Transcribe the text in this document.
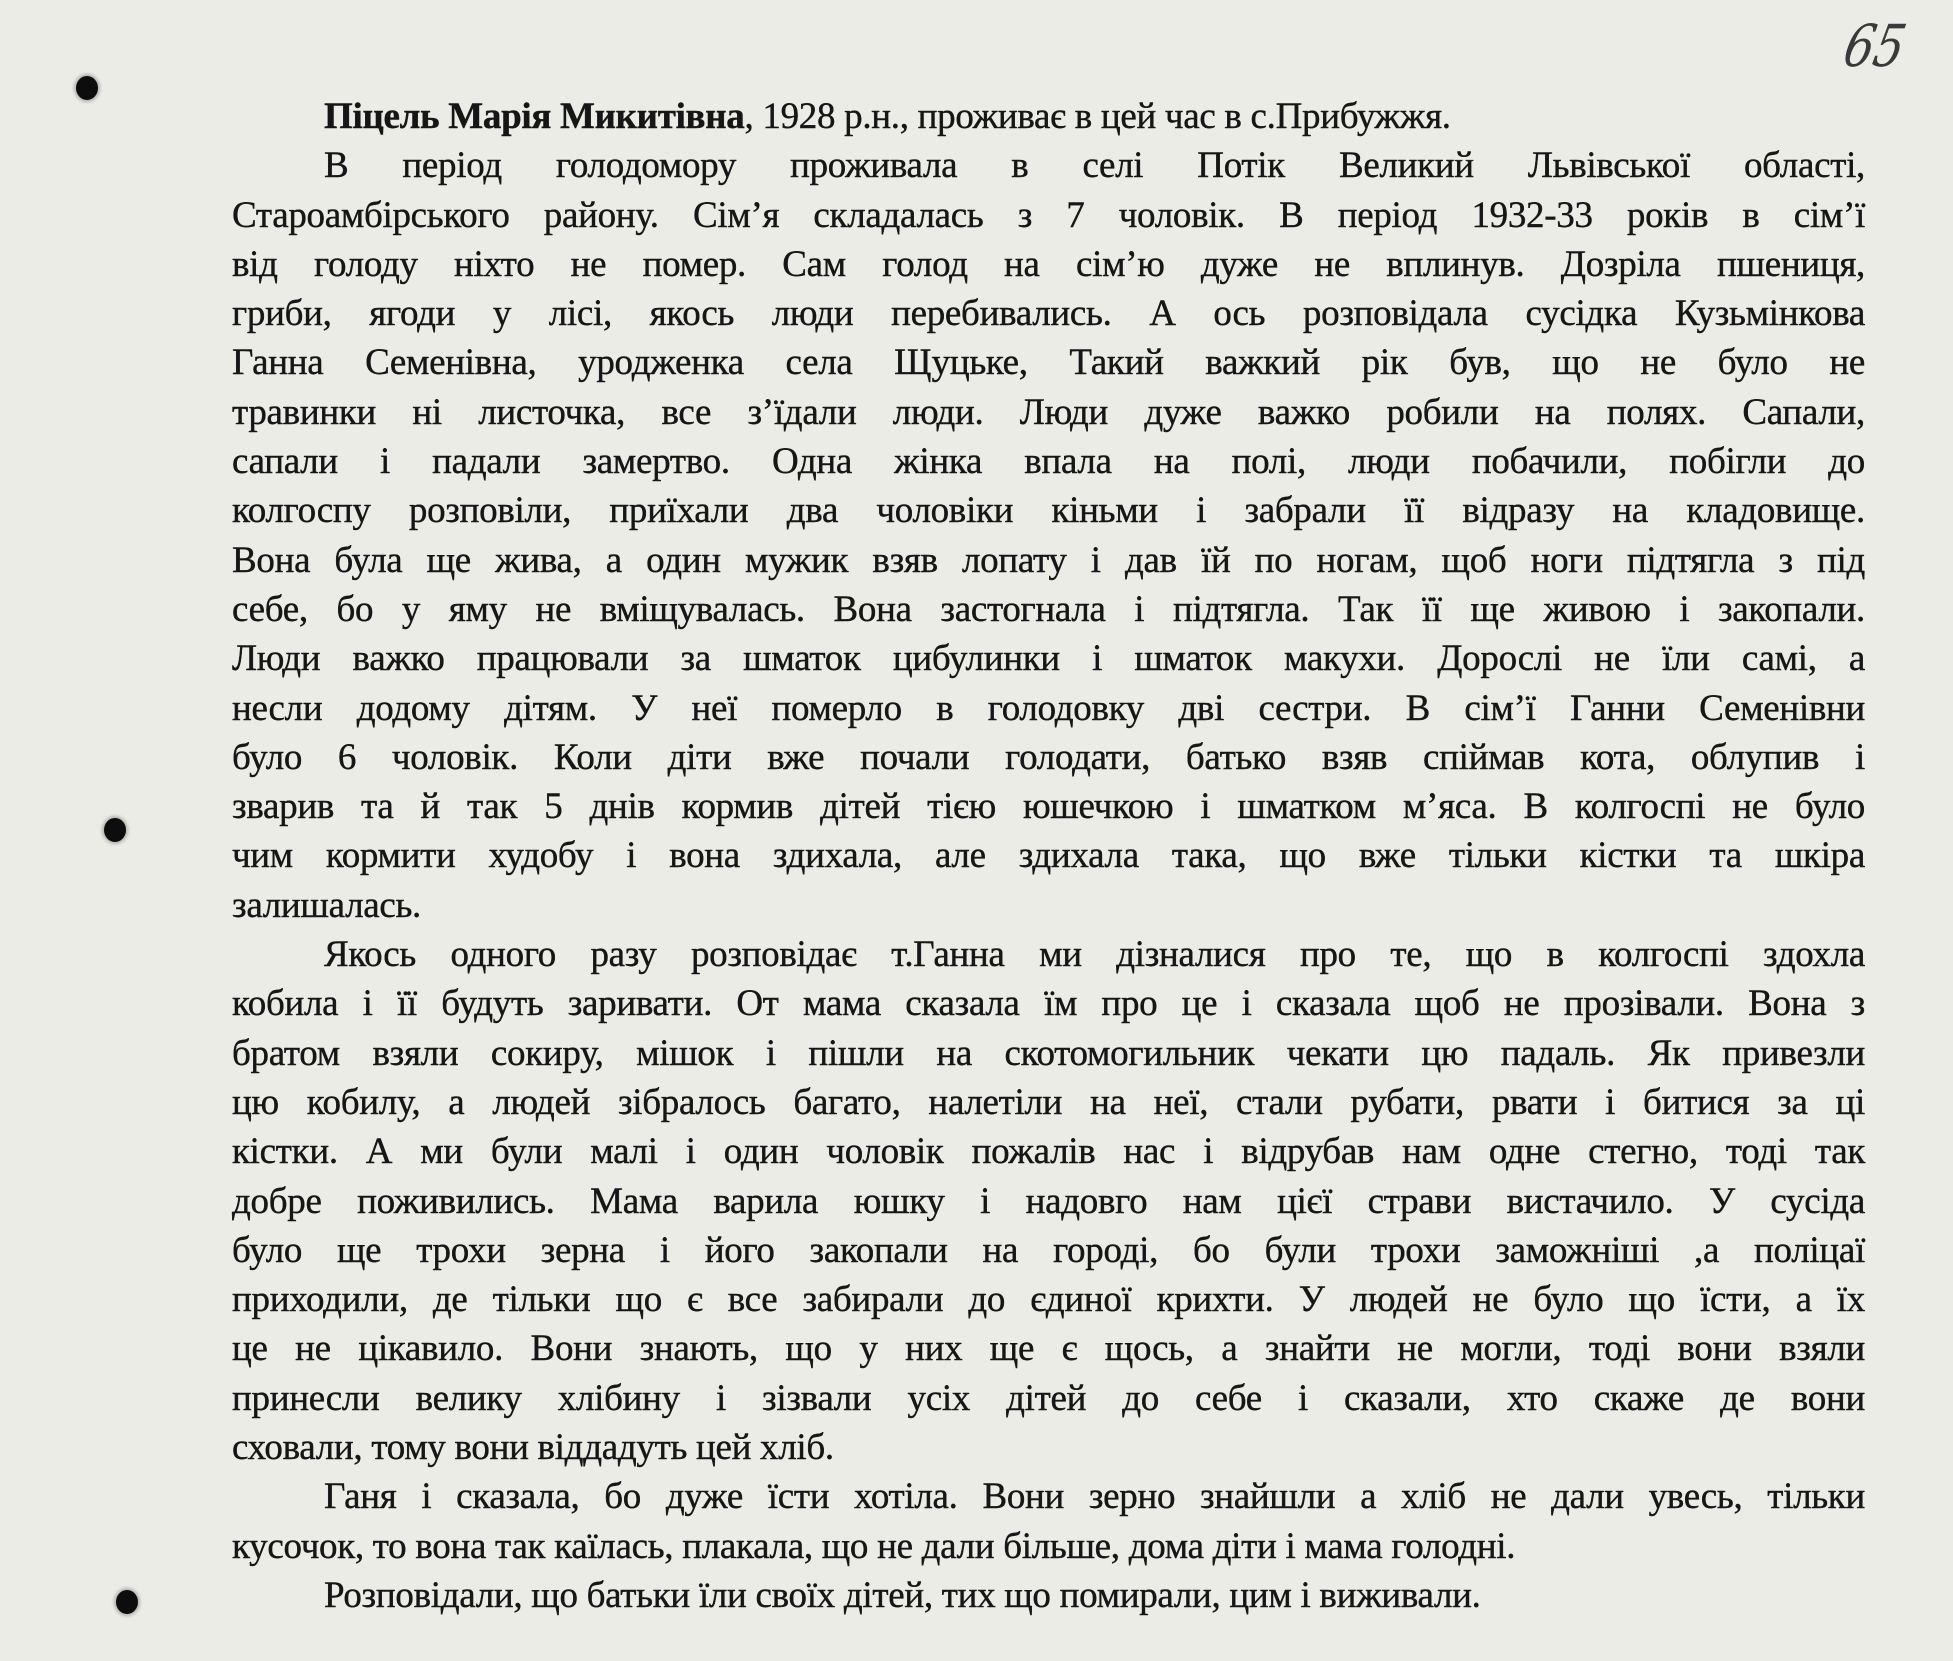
65
Піцель Марія Микитівна, 1928 р.н., проживає в цей час в с.Прибужжя.
В період голодомору проживала в селі Потік Великий Львівської області,
Староамбірського району. Сім’я складалась з 7 чоловік. В період 1932-33 років в сім’ї
від голоду ніхто не помер. Сам голод на сім’ю дуже не вплинув. Дозріла пшениця,
гриби, ягоди у лісі, якось люди перебивались. А ось розповідала сусідка Кузьмінкова
Ганна Семенівна, уродженка села Щуцьке, Такий важкий рік був, що не було не
травинки ні листочка, все з’їдали люди. Люди дуже важко робили на полях. Сапали,
сапали і падали замертво. Одна жінка впала на полі, люди побачили, побігли до
колгоспу розповіли, приїхали два чоловіки кіньми і забрали її відразу на кладовище.
Вона була ще жива, а один мужик взяв лопату і дав їй по ногам, щоб ноги підтягла з під
себе, бо у яму не вміщувалась. Вона застогнала і підтягла. Так її ще живою і закопали.
Люди важко працювали за шматок цибулинки і шматок макухи. Дорослі не їли самі, а
несли додому дітям. У неї померло в голодовку дві сестри. В сім’ї Ганни Семенівни
було 6 чоловік. Коли діти вже почали голодати, батько взяв спіймав кота, облупив і
зварив та й так 5 днів кормив дітей тією юшечкою і шматком м’яса. В колгоспі не було
чим кормити худобу і вона здихала, але здихала така, що вже тільки кістки та шкіра
залишалась.
Якось одного разу розповідає т.Ганна ми дізналися про те, що в колгоспі здохла
кобила і її будуть заривати. От мама сказала їм про це і сказала щоб не прозівали. Вона з
братом взяли сокиру, мішок і пішли на скотомогильник чекати цю падаль. Як привезли
цю кобилу, а людей зібралось багато, налетіли на неї, стали рубати, рвати і битися за ці
кістки. А ми були малі і один чоловік пожалів нас і відрубав нам одне стегно, тоді так
добре поживились. Мама варила юшку і надовго нам цієї страви вистачило. У сусіда
було ще трохи зерна і його закопали на городі, бо були трохи заможніші ,а поліцаї
приходили, де тільки що є все забирали до єдиної крихти. У людей не було що їсти, а їх
це не цікавило. Вони знають, що у них ще є щось, а знайти не могли, тоді вони взяли
принесли велику хлібину і зізвали усіх дітей до себе і сказали, хто скаже де вони
сховали, тому вони віддадуть цей хліб.
Ганя і сказала, бо дуже їсти хотіла. Вони зерно знайшли а хліб не дали увесь, тільки
кусочок, то вона так каїлась, плакала, що не дали більше, дома діти і мама голодні.
Розповідали, що батьки їли своїх дітей, тих що помирали, цим і виживали.
